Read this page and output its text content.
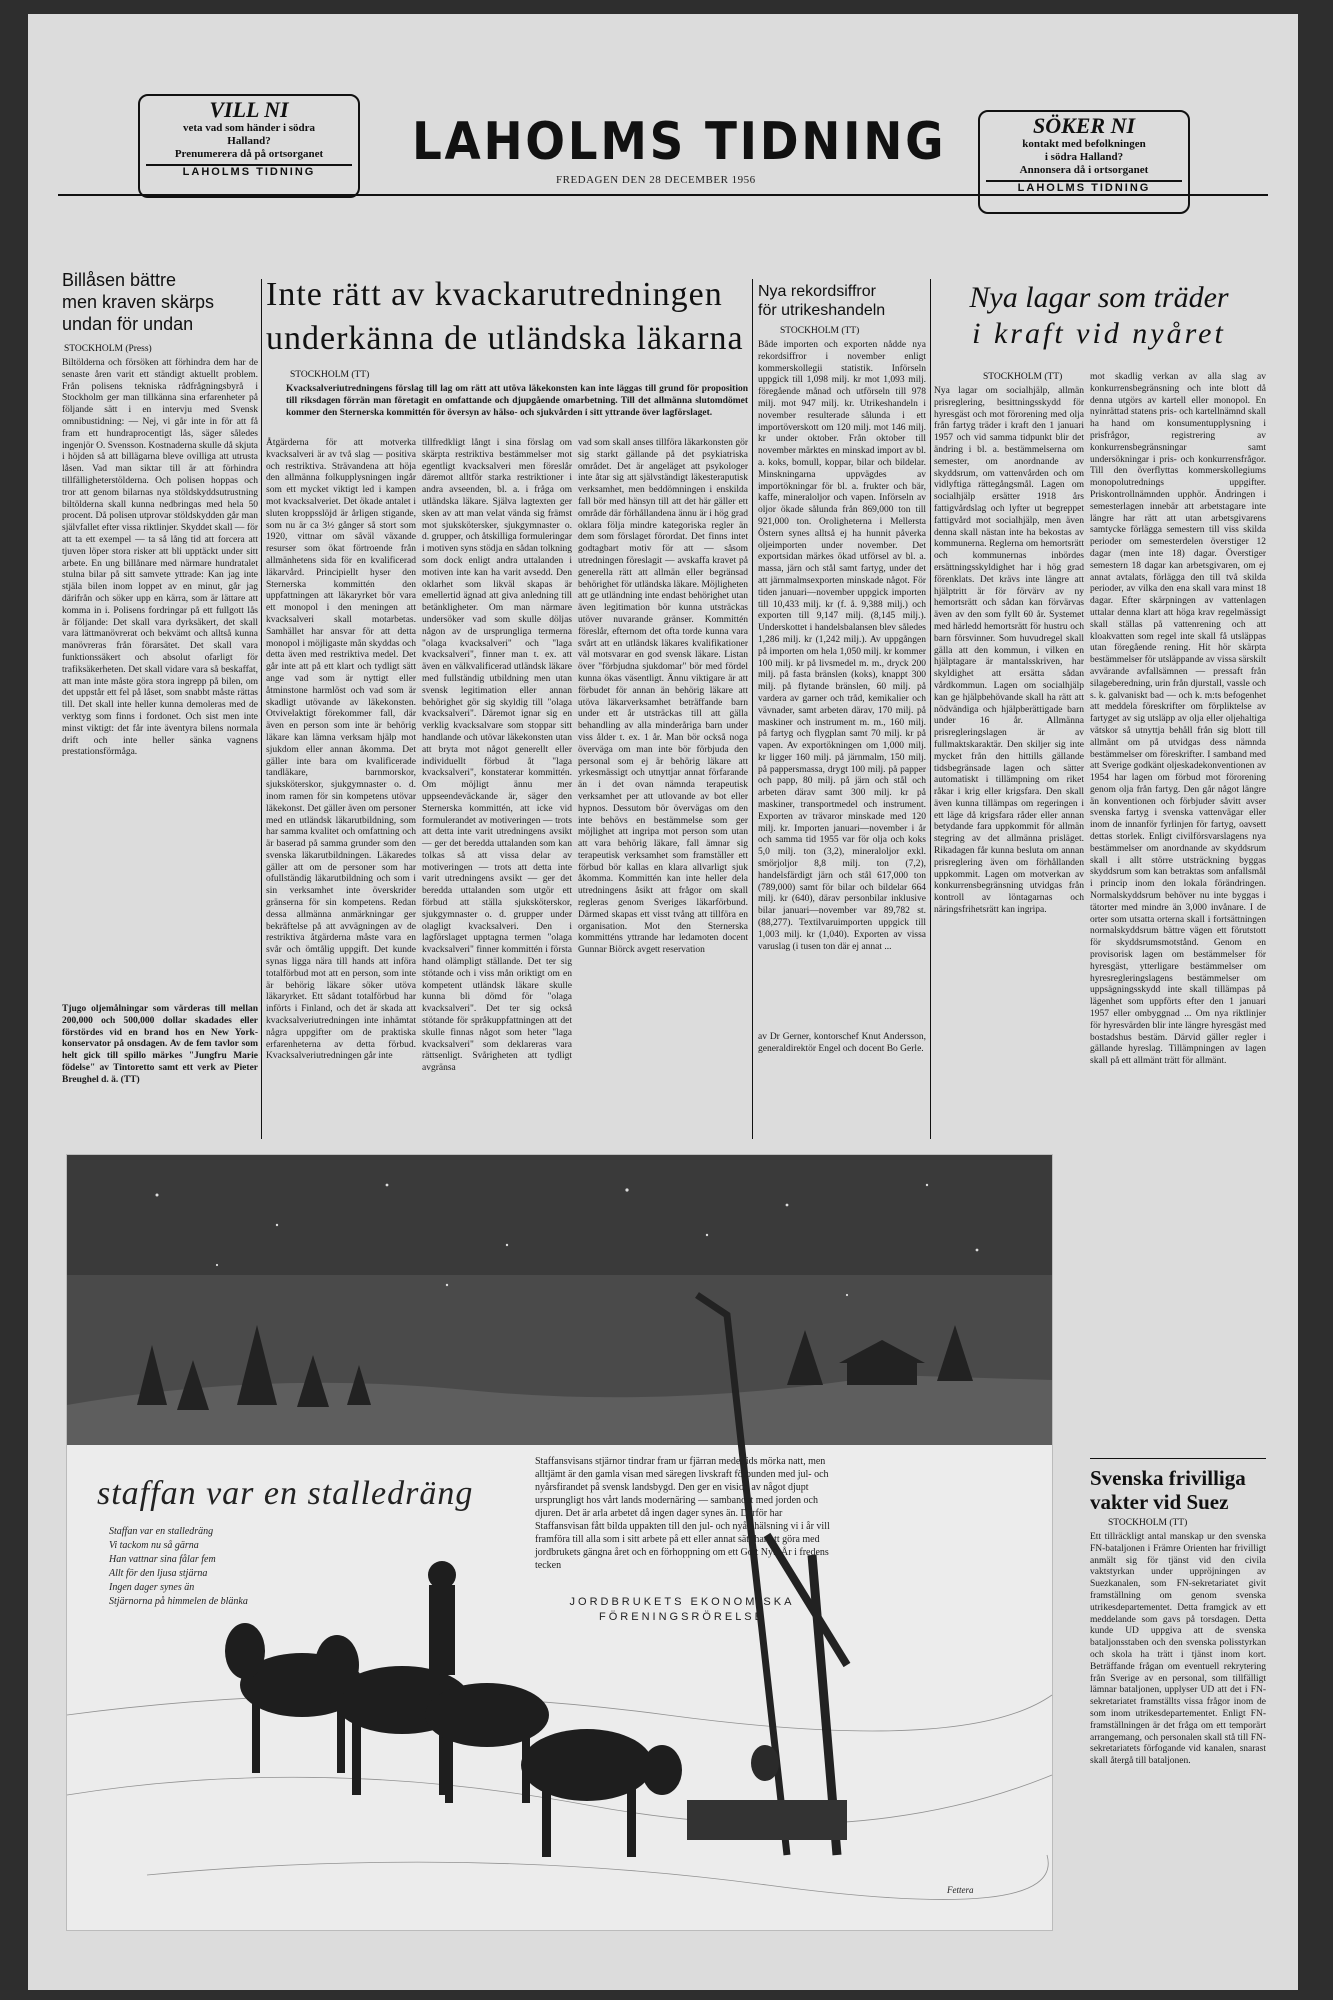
VILL NI
veta vad som händer i södra
Halland?
Prenumerera då på ortsorganet
LAHOLMS TIDNING
SÖKER NI
kontakt med befolkningen
i södra Halland?
Annonsera då i ortsorganet
LAHOLMS TIDNING
LAHOLMS TIDNING
FREDAGEN DEN 28 DECEMBER 1956
Billåsen bättre
men kraven skärps
undan för undan
STOCKHOLM (Press)
Biltölderna och försöken att förhindra dem har de senaste åren varit ett ständigt aktuellt problem. Från polisens tekniska rådfrågningsbyrå i Stockholm ger man tillkänna sina erfarenheter på följande sätt i en intervju med Svensk omnibustidning: — Nej, vi går inte in för att få fram ett hundraprocentigt lås, säger således ingenjör O. Svensson. Kostnaderna skulle då skjuta i höjden så att billägarna bleve ovilliga att utrusta låsen. Vad man siktar till är att förhindra tillfälligheterstölderna. Och polisen hoppas och tror att genom bilarnas nya stöldskyddsutrustning biltölderna skall kunna nedbringas med hela 50 procent. Då polisen utprovar stöldskydden går man självfallet efter vissa riktlinjer. Skyddet skall — för att ta ett exempel — ta så lång tid att forcera att tjuven löper stora risker att bli upptäckt under sitt arbete. En ung billånare med närmare hundratalet stulna bilar på sitt samvete yttrade: Kan jag inte stjäla bilen inom loppet av en minut, går jag därifrån och söker upp en kärra, som är lättare att komma in i. Polisens fordringar på ett fullgott lås är följande: Det skall vara dyrksäkert, det skall vara lättmanövrerat och bekvämt och alltså kunna manövreras från förarsätet. Det skall vara funktionssäkert och absolut ofarligt för trafiksäkerheten. Det skall vidare vara så beskaffat, att man inte måste göra stora ingrepp på bilen, om det uppstår ett fel på låset, som snabbt måste rättas till. Det skall inte heller kunna demoleras med de verktyg som finns i fordonet. Och sist men inte minst viktigt: det får inte äventyra bilens normala drift och inte heller sänka vagnens prestationsförmåga.
Tjugo oljemålningar som värderas till mellan 200,000 och 500,000 dollar skadades eller förstördes vid en brand hos en New York-konservator på onsdagen. Av de fem tavlor som helt gick till spillo märkes "Jungfru Marie födelse" av Tintoretto samt ett verk av Pieter Breughel d. ä. (TT)
Inte rätt av kvackarutredningen
underkänna de utländska läkarna
STOCKHOLM (TT)
Kvacksalveriutredningens förslag till lag om rätt att utöva läkekonsten kan inte läggas till grund för proposition till riksdagen förrän man företagit en omfattande och djupgående omarbetning. Till det allmänna slutomdömet kommer den Sternerska kommittén för översyn av hälso- och sjukvården i sitt yttrande över lagförslaget.
Åtgärderna för att motverka kvacksalveri är av två slag — positiva och restriktiva. Strävandena att höja den allmänna folkupplysningen ingår som ett mycket viktigt led i kampen mot kvacksalveriet. Det ökade antalet i sluten kroppsslöjd är årligen stigande, som nu är ca 3½ gånger så stort som 1920, vittnar om såväl växande resurser som ökat förtroende från allmänhetens sida för en kvalificerad läkarvård. Principiellt hyser den Sternerska kommittén den uppfattningen att läkaryrket bör vara ett monopol i den meningen att kvacksalveri skall motarbetas. Samhället har ansvar för att detta monopol i möjligaste mån skyddas och detta även med restriktiva medel. Det går inte att på ett klart och tydligt sätt ange vad som är nyttigt eller åtminstone harmlöst och vad som är skadligt utövande av läkekonsten. Otvivelaktigt förekommer fall, där även en person som inte är behörig läkare kan lämna verksam hjälp mot sjukdom eller annan åkomma. Det gäller inte bara om kvalificerade tandläkare, barnmorskor, sjuksköterskor, sjukgymnaster o. d. inom ramen för sin kompetens utövar läkekonst. Det gäller även om personer med en utländsk läkarutbildning, som har samma kvalitet och omfattning och är baserad på samma grunder som den svenska läkarutbildningen. Läkaredes gäller att om de personer som har ofullständig läkarutbildning och som i sin verksamhet inte överskrider gränserna för sin kompetens. Redan dessa allmänna anmärkningar ger bekräftelse på att avvägningen av de restriktiva åtgärderna måste vara en svår och ömtålig uppgift. Det kunde synas ligga nära till hands att införa totalförbud mot att en person, som inte är behörig läkare söker utöva läkaryrket. Ett sådant totalförbud har införts i Finland, och det är skada att kvacksalveriutredningen inte inhämtat några uppgifter om de praktiska erfarenheterna av detta förbud. Kvacksalveriutredningen går inte
tillfredkligt långt i sina förslag om skärpta restriktiva bestämmelser mot egentligt kvacksalveri men föreslår däremot alltför starka restriktioner i andra avseenden, bl. a. i fråga om utländska läkare. Själva lagtexten ger sken av att man velat vända sig främst mot sjukskötersker, sjukgymnaster o. d. grupper, och åtskilliga formuleringar i motiven syns stödja en sådan tolkning som dock enligt andra uttalanden i motiven inte kan ha varit avsedd. Den oklarhet som likväl skapas är emellertid ägnad att giva anledning till betänkligheter. Om man närmare undersöker vad som skulle döljas någon av de ursprungliga termerna "olaga kvacksalveri" och "laga kvacksalveri", finner man t. ex. att även en välkvalificerad utländsk läkare med fullständig utbildning men utan svensk legitimation eller annan behörighet gör sig skyldig till "olaga kvacksalveri". Däremot ignar sig en verklig kvacksalvare som stoppar sitt handlande och utövar läkekonsten utan att bryta mot något generellt eller individuellt förbud åt "laga kvacksalveri", konstaterar kommittén. Om möjligt ännu mer uppseendeväckande är, säger den Sternerska kommittén, att icke vid formulerandet av motiveringen — trots att detta inte varit utredningens avsikt — ger det beredda uttalanden som kan tolkas så att vissa delar av motiveringen — trots att detta inte varit utredningens avsikt — ger det beredda uttalanden som utgör ett förbud att ställa sjuksköterskor, sjukgymnaster o. d. grupper under olagligt kvacksalveri. Den i lagförslaget upptagna termen "olaga kvacksalveri" finner kommittén i första hand olämpligt ställande. Det ter sig stötande och i viss mån oriktigt om en kompetent utländsk läkare skulle kunna bli dömd för "olaga kvacksalveri". Det ter sig också stötande för språkuppfattningen att det skulle finnas något som heter "laga kvacksalveri" som deklareras vara rättsenligt. Svårigheten att tydligt avgränsa
vad som skall anses tillföra läkarkonsten gör sig starkt gällande på det psykiatriska området. Det är angeläget att psykologer inte åtar sig att självständigt läkesteraputisk verksamhet, men beddömningen i enskilda fall bör med hänsyn till att det här gäller ett område där förhållandena ännu är i hög grad oklara följa mindre kategoriska regler än dem som förslaget förordat. Det finns intet godtagbart motiv för att — såsom utredningen föreslagit — avskaffa kravet på generella rätt att allmän eller begränsad behörighet för utländska läkare. Möjligheten att ge utländning inte endast behörighet utan även legitimation bör kunna utsträckas utöver nuvarande gränser. Kommittén föreslår, efternom det ofta torde kunna vara svårt att en utländsk läkares kvalifikationer väl motsvarar en god svensk läkare. Listan över "förbjudna sjukdomar" bör med fördel kunna ökas väsentligt. Ännu viktigare är att förbudet för annan än behörig läkare att utöva läkarverksamhet beträffande barn under ett år utsträckas till att gälla behandling av alla minderåriga barn under viss ålder t. ex. 1 år. Man bör också noga överväga om man inte bör förbjuda den personal som ej är behörig läkare att yrkesmässigt och utnyttjar annat förfarande än i det ovan nämnda terapeutisk verksamhet per att utlovande av bot eller hypnos. Dessutom bör övervägas om den inte behövs en bestämmelse som ger möjlighet att ingripa mot person som utan att vara behörig läkare, fall ämnar sig terapeutisk verksamhet som framställer ett förbud bör kallas en klara allvarligt sjuk åkomma. Kommittén kan inte heller dela utredningens åsikt att frågor om skall regleras genom Sveriges läkarförbund. Därmed skapas ett visst tvång att tillföra en organisation. Mot den Sternerska kommitténs yttrande har ledamoten docent Gunnar Biörck avgett reservation
Nya rekordsiffror
för utrikeshandeln
STOCKHOLM (TT)
Både importen och exporten nådde nya rekordsiffror i november enligt kommerskollegii statistik. Införseln uppgick till 1,098 milj. kr mot 1,093 milj. föregående månad och utförseln till 978 milj. mot 947 milj. kr. Utrikeshandeln i november resulterade sålunda i ett importöverskott om 120 milj. mot 146 milj. kr under oktober. Från oktober till november märktes en minskad import av bl. a. koks, bomull, koppar, bilar och bildelar. Minskningarna uppvägdes av importökningar för bl. a. frukter och bär, kaffe, mineraloljor och vapen. Införseln av oljor ökade sålunda från 869,000 ton till 921,000 ton. Oroligheterna i Mellersta Östern synes alltså ej ha hunnit påverka oljeimporten under november. Det exportsidan märkes ökad utförsel av bl. a. massa, järn och stål samt fartyg, under det att järnmalmsexporten minskade något. För tiden januari—november uppgick importen till 10,433 milj. kr (f. å. 9,388 milj.) och exporten till 9,147 milj. (8,145 milj.). Underskottet i handelsbalansen blev således 1,286 milj. kr (1,242 milj.). Av uppgången på importen om hela 1,050 milj. kr kommer 100 milj. kr på livsmedel m. m., dryck 200 milj. på fasta bränslen (koks), knappt 300 milj. på flytande bränslen, 60 milj. på vardera av garner och tråd, kemikalier och vävnader, samt arbeten därav, 170 milj. på maskiner och instrument m. m., 160 milj. på fartyg och flygplan samt 70 milj. kr på vapen. Av exportökningen om 1,000 milj. kr ligger 160 milj. på järnmalm, 150 milj. på pappersmassa, drygt 100 milj. på papper och papp, 80 milj. på järn och stål och arbeten därav samt 300 milj. kr på maskiner, transportmedel och instrument. Exporten av trävaror minskade med 120 milj. kr. Importen januari—november i år och samma tid 1955 var för olja och koks 5,0 milj. ton (3,2), mineraloljor exkl. smörjoljor 8,8 milj. ton (7,2), handelsfärdigt järn och stål 617,000 ton (789,000) samt för bilar och bildelar 664 milj. kr (640), därav personbilar inklusive bilar januari—november var 89,782 st. (88,277). Textilvaruimporten uppgick till 1,003 milj. kr (1,040). Exporten av vissa varuslag (i tusen ton där ej annat ...
av Dr Gerner, kontorschef Knut Andersson, generaldirektör Engel och docent Bo Gerle.
Nya lagar som träder
i kraft vid nyåret
STOCKHOLM (TT)
Nya lagar om socialhjälp, allmän prisreglering, besittningsskydd för hyresgäst och mot förorening med olja från fartyg träder i kraft den 1 januari 1957 och vid samma tidpunkt blir det ändring i bl. a. bestämmelserna om semester, om anordnande av skyddsrum, om vattenvården och om vidlyftiga rättegångsmål. Lagen om socialhjälp ersätter 1918 års fattigvårdslag och lyfter ut begreppet fattigvård mot socialhjälp, men även denna skall nästan inte ha bekostas av kommunerna. Reglerna om hemortsrätt och kommunernas inbördes ersättningsskyldighet har i hög grad förenklats. Det krävs inte längre att hjälptritt är för förvärv av ny hemortsrätt och sådan kan förvärvas även av den som fyllt 60 år. Systemet med härledd hemortsrätt för hustru och barn försvinner. Som huvudregel skall gälla att den kommun, i vilken en hjälptagare är mantalsskriven, har skyldighet att ersätta sådan vårdkommun. Lagen om socialhjälp kan ge hjälpbehövande skall ha rätt att nödvändiga och hjälpberättigade barn under 16 år. Allmänna prisregleringslagen är av fullmaktskaraktär. Den skiljer sig inte mycket från den hittills gällande tidsbegränsade lagen och sätter automatiskt i tillämpning om riket råkar i krig eller krigsfara. Den skall även kunna tillämpas om regeringen i ett läge då krigsfara råder eller annan betydande fara uppkommit för allmän stegring av det allmänna prisläget. Rikadagen får kunna besluta om annan prisreglering även om förhållanden uppkommit. Lagen om motverkan av konkurrensbegränsning utvidgas från kontroll av löntagarnas och näringsfrihetsrätt kan ingripa.
mot skadlig verkan av alla slag av konkurrensbegränsning och inte blott då denna utgörs av kartell eller monopol. En nyinrättad statens pris- och kartellnämnd skall ha hand om konsumentupplysning i prisfrågor, registrering av konkurrensbegränsningar samt undersökningar i pris- och konkurrensfrågor. Till den överflyttas kommerskollegiums monopolutrednings uppgifter. Priskontrollnämnden upphör. Ändringen i semesterlagen innebär att arbetstagare inte längre har rätt att utan arbetsgivarens samtycke förlägga semestern till viss skilda perioder om semesterdelen överstiger 12 dagar (men inte 18) dagar. Överstiger semestern 18 dagar kan arbetsgivaren, om ej annat avtalats, förlägga den till två skilda perioder, av vilka den ena skall vara minst 18 dagar. Efter skärpningen av vattenlagen uttalar denna klart att höga krav regelmässigt skall ställas på vattenrening och att kloakvatten som regel inte skall få utsläppas utan föregående rening. Hit hör skärpta bestämmelser för utsläppande av vissa särskilt avvärande avfallsämnen — pressaft från silageberedning, urin från djurstall, vassle och s. k. galvaniskt bad — och k. m:ts befogenhet att meddela föreskrifter om förpliktelse av fartyget av sig utsläpp av olja eller oljehaltiga vätskor så utnyttja behåll från sig blott till allmänt om på utvidgas dess nämnda bestämmelser om föreskrifter. I samband med att Sverige godkänt oljeskadekonventionen av 1954 har lagen om förbud mot förorening genom olja från fartyg. Den går något längre än konventionen och förbjuder såvitt avser svenska fartyg i svenska vattenvägar eller inom de innanför fyrlinjen för fartyg, oavsett dettas storlek. Enligt civilförsvarslagens nya bestämmelser om anordnande av skyddsrum skall i allt större utsträckning byggas skyddsrum som kan betraktas som anfallsmål i princip inom den lokala förändringen. Normalskyddsrum behöver nu inte byggas i tätorter med mindre än 3,000 invånare. I de orter som utsatta orterna skall i fortsättningen normalskyddsrum bättre vägen ett förutstott för skyddsrumsmotstånd. Genom en provisorisk lagen om bestämmelser för hyresgäst, ytterligare bestämmelser om hyresregleringslagens bestämmelser om uppsägningsskydd inte skall tillämpas på lägenhet som uppförts efter den 1 januari 1957 eller ombyggnad ... Om nya riktlinjer för hyresvärden blir inte längre hyresgäst med bostadshus bestäm. Därvid gäller regler i gällande hyreslag. Tillämpningen av lagen skall på ett allmänt trätt för allmänt.
Svenska frivilliga
vakter vid Suez
STOCKHOLM (TT)
Ett tillräckligt antal manskap ur den svenska FN-bataljonen i Främre Orienten har frivilligt anmält sig för tjänst vid den civila vaktstyrkan under uppröjningen av Suezkanalen, som FN-sekretariatet givit framställning om genom svenska utrikesdepartementet. Detta framgick av ett meddelande som gavs på torsdagen. Detta kunde UD uppgiva att de svenska bataljonsstaben och den svenska polisstyrkan och skola ha trätt i tjänst inom kort. Beträffande frågan om eventuell rekrytering från Sverige av en personal, som tillfälligt lämnar bataljonen, upplyser UD att det i FN-sekretariatet framställts vissa frågor inom de som inom utrikesdepartementet. Enligt FN-framställningen är det fråga om ett temporärt arrangemang, och personalen skall stå till FN-sekretariatets förfogande vid kanalen, snarast skall återgå till bataljonen.
staffan var en stalledräng
Staffan var en stalledräng
Vi tackom nu så gärna
Han vattnar sina fålar fem
Allt för den ljusa stjärna
Ingen dager synes än
Stjärnorna på himmelen de blänka
Staffansvisans stjärnor tindrar fram ur fjärran medeltids mörka natt, men alltjämt är den gamla visan med säregen livskraft förbunden med jul- och nyårsfirandet på svensk landsbygd. Den ger en vision av något djupt ursprungligt hos vårt lands modernäring — sambandet med jorden och djuren. Det är arla arbetet då ingen dager synes än. Därför har Staffansvisan fått bilda uppakten till den jul- och nyårshälsning vi i år vill framföra till alla som i sitt arbete på ett eller annat sätt har att göra med jordbrukets gängnа året och en förhoppning om ett Gott Nytt År i fredens tecken
JORDBRUKETS EKONOMISKA FÖRENINGSRÖRELSE
Fettera
